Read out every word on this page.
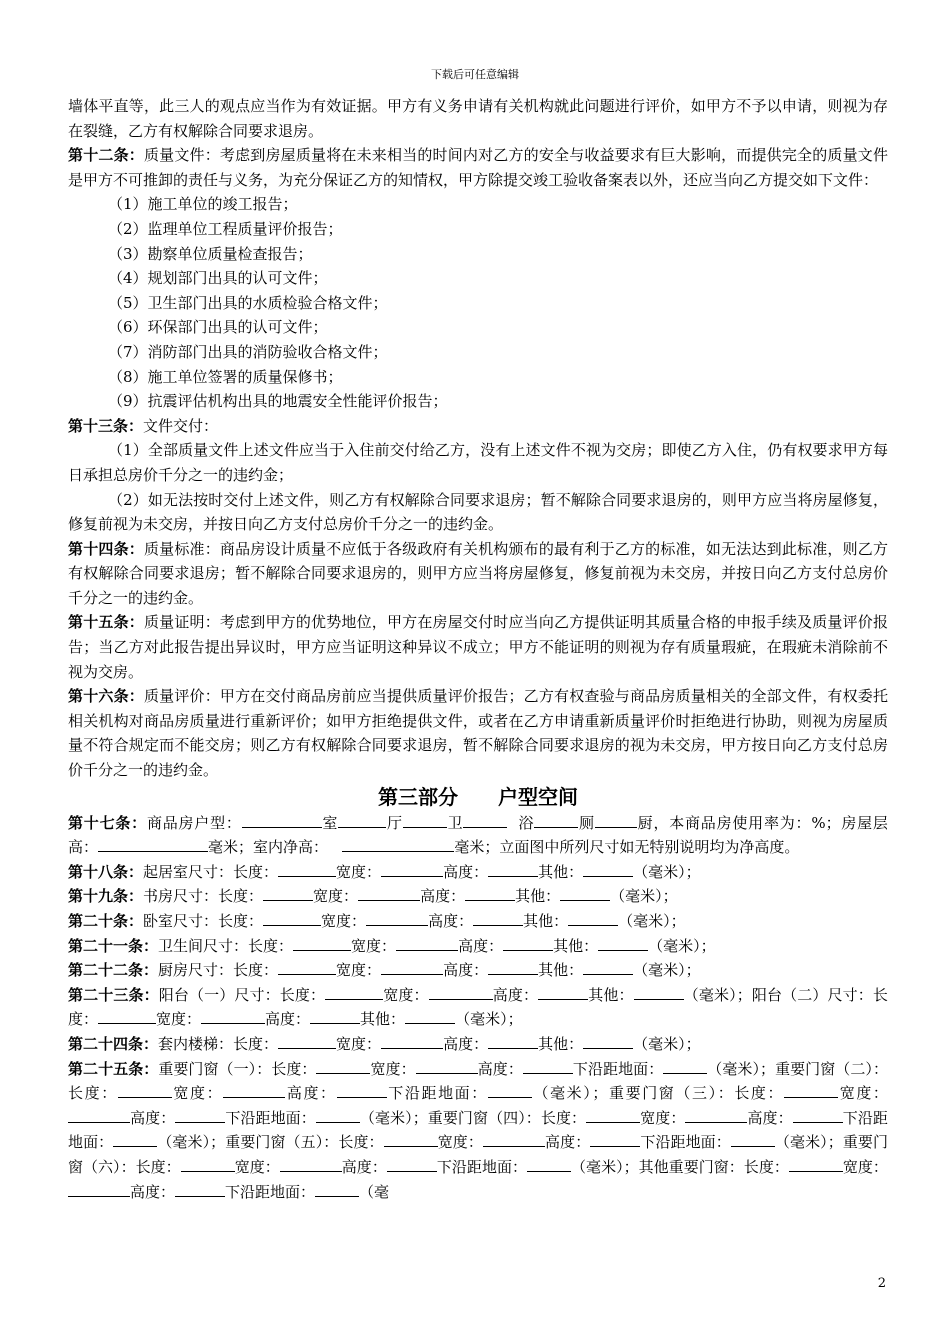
下载后可任意编辑

墙体平直等，此三人的观点应当作为有效证据。甲方有义务申请有关机构就此问题进行评价，如甲方不予以申请，则视为存在裂缝，乙方有权解除合同要求退房。

第十二条：质量文件：考虑到房屋质量将在未来相当的时间内对乙方的安全与收益要求有巨大影响，而提供完全的质量文件是甲方不可推卸的责任与义务，为充分保证乙方的知情权，甲方除提交竣工验收备案表以外，还应当向乙方提交如下文件：

（1）施工单位的竣工报告；

（2）监理单位工程质量评价报告；

（3）勘察单位质量检查报告；

（4）规划部门出具的认可文件；

（5）卫生部门出具的水质检验合格文件；

（6）环保部门出具的认可文件；

（7）消防部门出具的消防验收合格文件；

（8）施工单位签署的质量保修书；

（9）抗震评估机构出具的地震安全性能评价报告；

第十三条：文件交付：

（1）全部质量文件上述文件应当于入住前交付给乙方，没有上述文件不视为交房；即使乙方入住，仍有权要求甲方每日承担总房价千分之一的违约金；

（2）如无法按时交付上述文件，则乙方有权解除合同要求退房；暂不解除合同要求退房的，则甲方应当将房屋修复，修复前视为未交房，并按日向乙方支付总房价千分之一的违约金。

第十四条：质量标准：商品房设计质量不应低于各级政府有关机构颁布的最有利于乙方的标准，如无法达到此标准，则乙方有权解除合同要求退房；暂不解除合同要求退房的，则甲方应当将房屋修复，修复前视为未交房，并按日向乙方支付总房价千分之一的违约金。

第十五条：质量证明：考虑到甲方的优势地位，甲方在房屋交付时应当向乙方提供证明其质量合格的申报手续及质量评价报告；当乙方对此报告提出异议时，甲方应当证明这种异议不成立；甲方不能证明的则视为存有质量瑕疵，在瑕疵未消除前不视为交房。

第十六条：质量评价：甲方在交付商品房前应当提供质量评价报告；乙方有权查验与商品房质量相关的全部文件，有权委托相关机构对商品房质量进行重新评价；如甲方拒绝提供文件，或者在乙方申请重新质量评价时拒绝进行协助，则视为房屋质量不符合规定而不能交房；则乙方有权解除合同要求退房，暂不解除合同要求退房的视为未交房，甲方按日向乙方支付总房价千分之一的违约金。

第三部分 户型空间

第十七条：商品房户型：	室	厅	卫	浴	厕	厨，本商品房使用率为：%；房屋层高：	毫米；室内净高：	毫米；立面图中所列尺寸如无特别说明均为净高度。

第十八条：起居室尺寸：长度：	宽度：	高度：	其他：	（毫米）；

第十九条：书房尺寸：长度：	宽度：	高度：	其他：	（毫米）；

第二十条：卧室尺寸：长度：	宽度：	高度：	其他：	（毫米）；

第二十一条：卫生间尺寸：长度：	宽度：	高度：	其他：	（毫米）；

第二十二条：厨房尺寸：长度：	宽度：	高度：	其他：	（毫米）；

第二十三条：阳台（一）尺寸：长度：	宽度：	高度：	其他：	（毫米）；阳台（二）尺寸：长度：	宽度：	高度：	其他：	（毫米）；

第二十四条：套内楼梯：长度：	宽度：	高度：	其他：	（毫米）；

第二十五条：重要门窗（一）：长度：	宽度：	高度：	下沿距地面：	（毫米）；重要门窗（二）：长度：	宽度：	高度：	下沿距地面：	（毫米）；重要门窗（三）：长度：	宽度：高度：	下沿距地面：	（毫米）；重要门窗（四）：长度：	宽度：	高度：	下沿距地面：	（毫米）；重要门窗（五）：长度：	宽度：	高度：	下沿距地面：	（毫米）；重要门窗（六）：长度：	宽度：	高度：	下沿距地面：	（毫米）；其他重要门窗：长度：	宽度：高度：	下沿距地面：	（毫

2
